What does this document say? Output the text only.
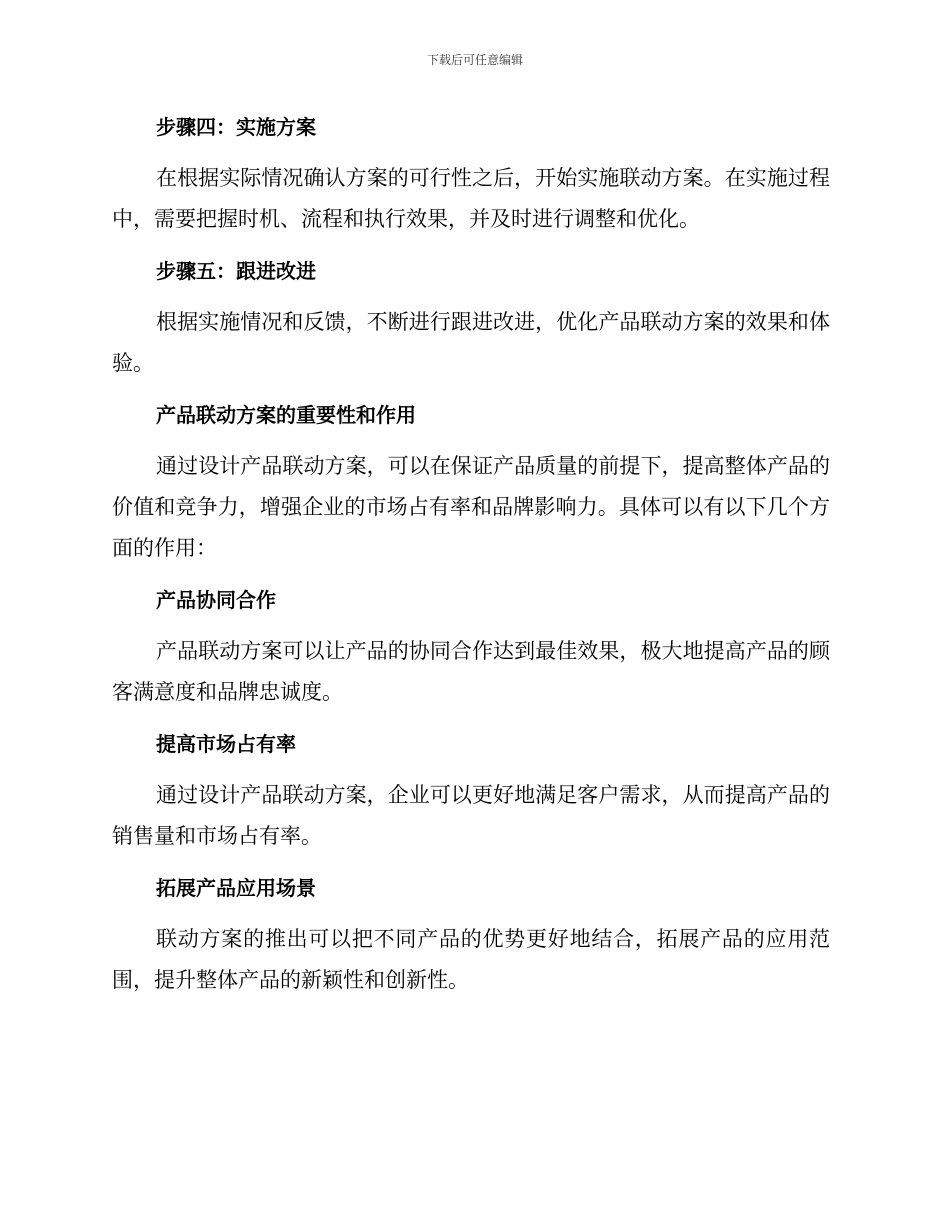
下载后可任意编辑
步骤四：实施方案

在根据实际情况确认方案的可行性之后，开始实施联动方案。在实施过程中，需要把握时机、流程和执行效果，并及时进行调整和优化。

步骤五：跟进改进

根据实施情况和反馈，不断进行跟进改进，优化产品联动方案的效果和体验。

产品联动方案的重要性和作用

通过设计产品联动方案，可以在保证产品质量的前提下，提高整体产品的价值和竞争力，增强企业的市场占有率和品牌影响力。具体可以有以下几个方面的作用：

产品协同合作

产品联动方案可以让产品的协同合作达到最佳效果，极大地提高产品的顾客满意度和品牌忠诚度。

提高市场占有率

通过设计产品联动方案，企业可以更好地满足客户需求，从而提高产品的销售量和市场占有率。

拓展产品应用场景

联动方案的推出可以把不同产品的优势更好地结合，拓展产品的应用范围，提升整体产品的新颖性和创新性。
